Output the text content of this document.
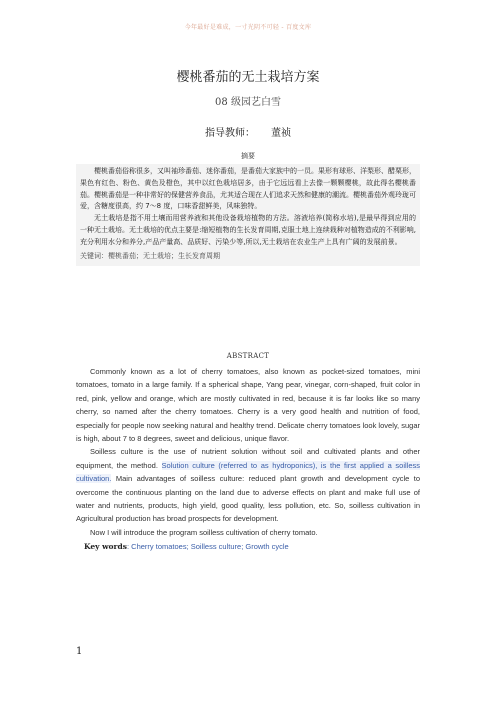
今年最好是难成，一寸光阴不可轻 - 百度文库
樱桃番茄的无土栽培方案
08 级园艺白雪
指导教师： 董祯
摘要

樱桃番茄俗称很多，又叫袖珍番茄、迷你番茄，是番茄大家族中的一员。果形有球形、洋梨形、醋栗形，果色有红色、粉色、黄色及橙色，其中以红色栽培居多，由于它远远看上去像一颗颗樱桃，故此得名樱桃番茄。樱桃番茄是一种非常好的保健营养食品，尤其适合现在人们追求天然和健康的潮流。樱桃番茄外观玲珑可爱，含糖度很高，约 7～8 度，口味香甜鲜美，风味独特。

无土栽培是指不用土壤而用营养液和其他设备栽培植物的方法。溶液培养(简称水培),是最早得到应用的一种无土栽培。无土栽培的优点主要是:缩短植物的生长发育周期,克服土地上连续栽种对植物造成的不利影响,充分利用水分和养分,产品产量高、品质好、污染少等,所以,无土栽培在农业生产上具有广阔的发展前景。

关键词：樱桃番茄；无土栽培；生长发育周期

ABSTRACT

Commonly known as a lot of cherry tomatoes, also known as pocket-sized tomatoes, mini tomatoes, tomato in a large family. If a spherical shape, Yang pear, vinegar, corn-shaped, fruit color in red, pink, yellow and orange, which are mostly cultivated in red, because it is far looks like so many cherry, so named after the cherry tomatoes. Cherry is a very good health and nutrition of food, especially for people now seeking natural and healthy trend. Delicate cherry tomatoes look lovely, sugar is high, about 7 to 8 degrees, sweet and delicious, unique flavor.

Soilless culture is the use of nutrient solution without soil and cultivated plants and other equipment, the method. Solution culture (referred to as hydroponics), is the first applied a soilless cultivation. Main advantages of soilless culture: reduced plant growth and development cycle to overcome the continuous planting on the land due to adverse effects on plant and make full use of water and nutrients, products, high yield, good quality, less pollution, etc. So, soilless cultivation in Agricultural production has broad prospects for development.

Now I will introduce the program soilless cultivation of cherry tomato.

Key words: Cherry tomatoes; Soilless culture; Growth cycle

1
